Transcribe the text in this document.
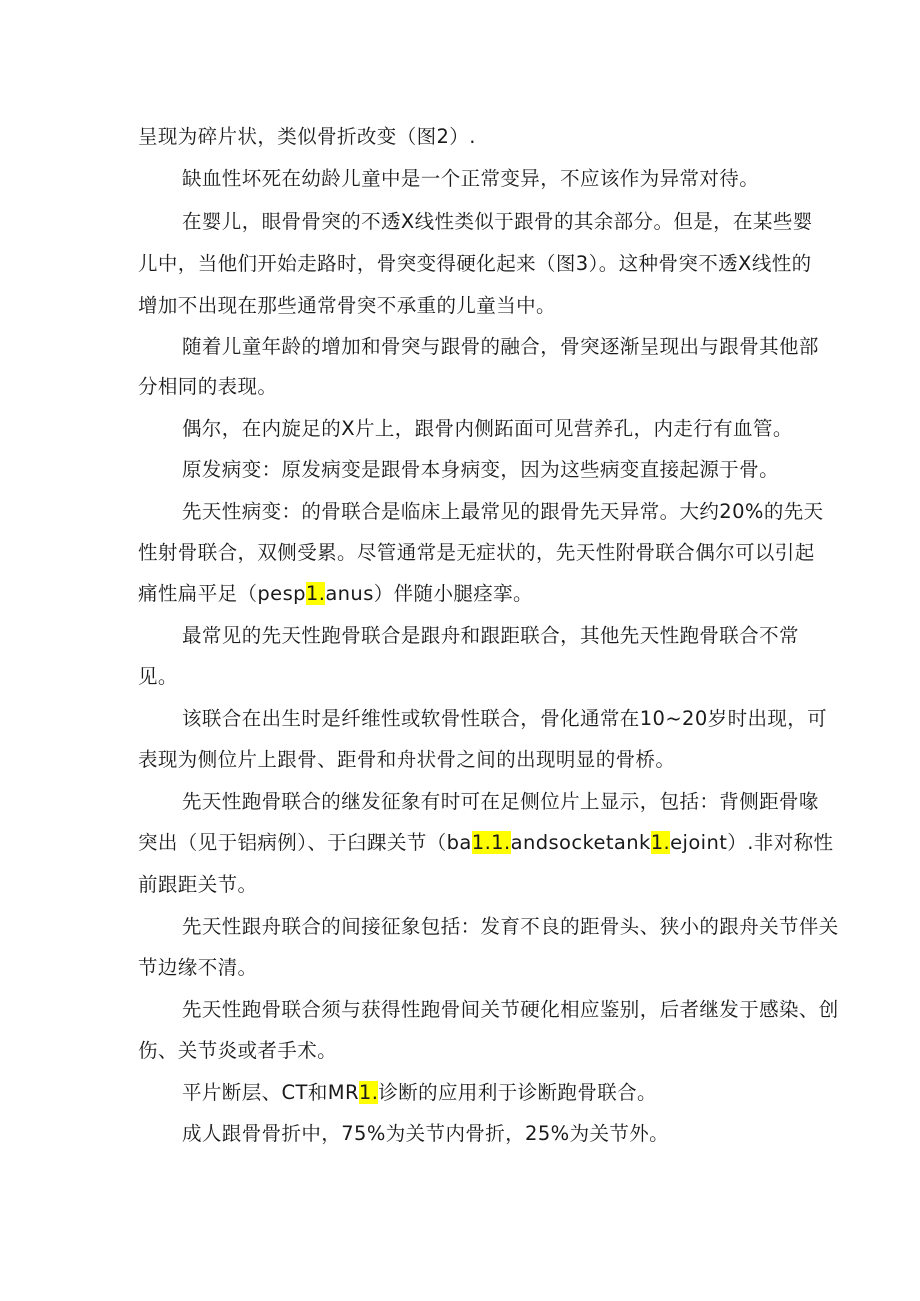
呈现为碎片状，类似骨折改变（图2）.
缺血性坏死在幼龄儿童中是一个正常变异，不应该作为异常对待。
在婴儿，眼骨骨突的不透X线性类似于跟骨的其余部分。但是，在某些婴
儿中，当他们开始走路时，骨突变得硬化起来（图3）。这种骨突不透X线性的
增加不出现在那些通常骨突不承重的儿童当中。
随着儿童年龄的增加和骨突与跟骨的融合，骨突逐渐呈现出与跟骨其他部
分相同的表现。
偶尔，在内旋足的X片上，跟骨内侧跖面可见营养孔，内走行有血管。
原发病变：原发病变是跟骨本身病变，因为这些病变直接起源于骨。
先天性病变：的骨联合是临床上最常见的跟骨先天异常。大约20%的先天
性射骨联合，双侧受累。尽管通常是无症状的，先天性附骨联合偶尔可以引起
痛性扁平足（pesp1.anus）伴随小腿痉挛。
最常见的先天性跑骨联合是跟舟和跟距联合，其他先天性跑骨联合不常
见。
该联合在出生时是纤维性或软骨性联合，骨化通常在10~20岁时出现，可
表现为侧位片上跟骨、距骨和舟状骨之间的出现明显的骨桥。
先天性跑骨联合的继发征象有时可在足侧位片上显示，包括：背侧距骨喙
突出（见于铝病例）、于臼踝关节（ba1.1.andsocketank1.ejoint）.非对称性
前跟距关节。
先天性跟舟联合的间接征象包括：发育不良的距骨头、狭小的跟舟关节伴关
节边缘不清。
先天性跑骨联合须与获得性跑骨间关节硬化相应鉴别，后者继发于感染、创
伤、关节炎或者手术。
平片断层、CT和MR1.诊断的应用利于诊断跑骨联合。
成人跟骨骨折中，75%为关节内骨折，25%为关节外。
